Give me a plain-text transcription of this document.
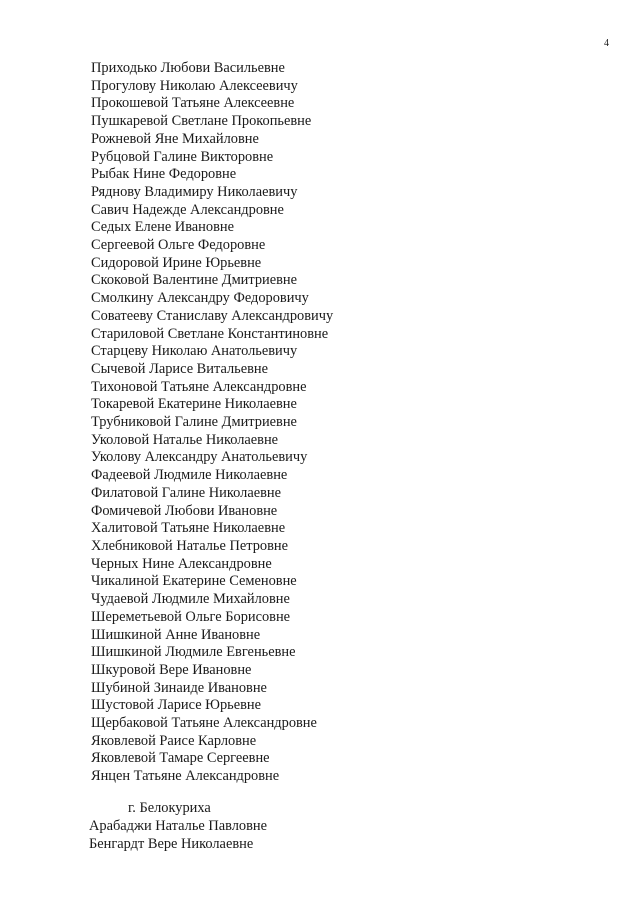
4
Приходько Любови Васильевне
Прогулову Николаю Алексеевичу
Прокошевой Татьяне Алексеевне
Пушкаревой Светлане Прокопьевне
Рожневой Яне Михайловне
Рубцовой Галине Викторовне
Рыбак Нине Федоровне
Ряднову Владимиру Николаевичу
Савич Надежде Александровне
Седых Елене Ивановне
Сергеевой Ольге Федоровне
Сидоровой Ирине Юрьевне
Скоковой Валентине Дмитриевне
Смолкину Александру Федоровичу
Соватееву Станиславу Александровичу
Стариловой Светлане Константиновне
Старцеву Николаю Анатольевичу
Сычевой Ларисе Витальевне
Тихоновой Татьяне Александровне
Токаревой Екатерине Николаевне
Трубниковой Галине Дмитриевне
Уколовой Наталье Николаевне
Уколову Александру Анатольевичу
Фадеевой Людмиле Николаевне
Филатовой Галине Николаевне
Фомичевой Любови Ивановне
Халитовой Татьяне Николаевне
Хлебниковой Наталье Петровне
Черных Нине Александровне
Чикалиной Екатерине Семеновне
Чудаевой Людмиле Михайловне
Шереметьевой Ольге Борисовне
Шишкиной Анне Ивановне
Шишкиной Людмиле Евгеньевне
Шкуровой Вере Ивановне
Шубиной Зинаиде Ивановне
Шустовой Ларисе Юрьевне
Щербаковой Татьяне Александровне
Яковлевой Раисе Карловне
Яковлевой Тамаре Сергеевне
Янцен Татьяне Александровне
г. Белокуриха
Арабаджи Наталье Павловне
Бенгардт Вере Николаевне
